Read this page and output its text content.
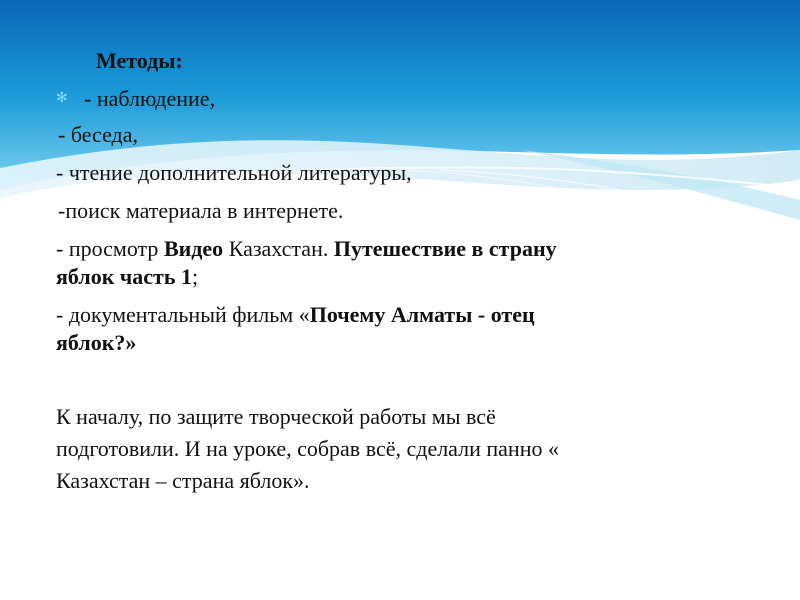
✻
Методы:
- наблюдение,
- беседа,
- чтение дополнительной литературы,
-поиск материала в интернете.
- просмотр Видео Казахстан. Путешествие в страну
яблок часть 1;
- документальный фильм «Почему Алматы - отец
яблок?»
К началу, по защите творческой работы мы всё
подготовили. И на уроке, собрав всё, сделали панно «
Казахстан – страна яблок».
